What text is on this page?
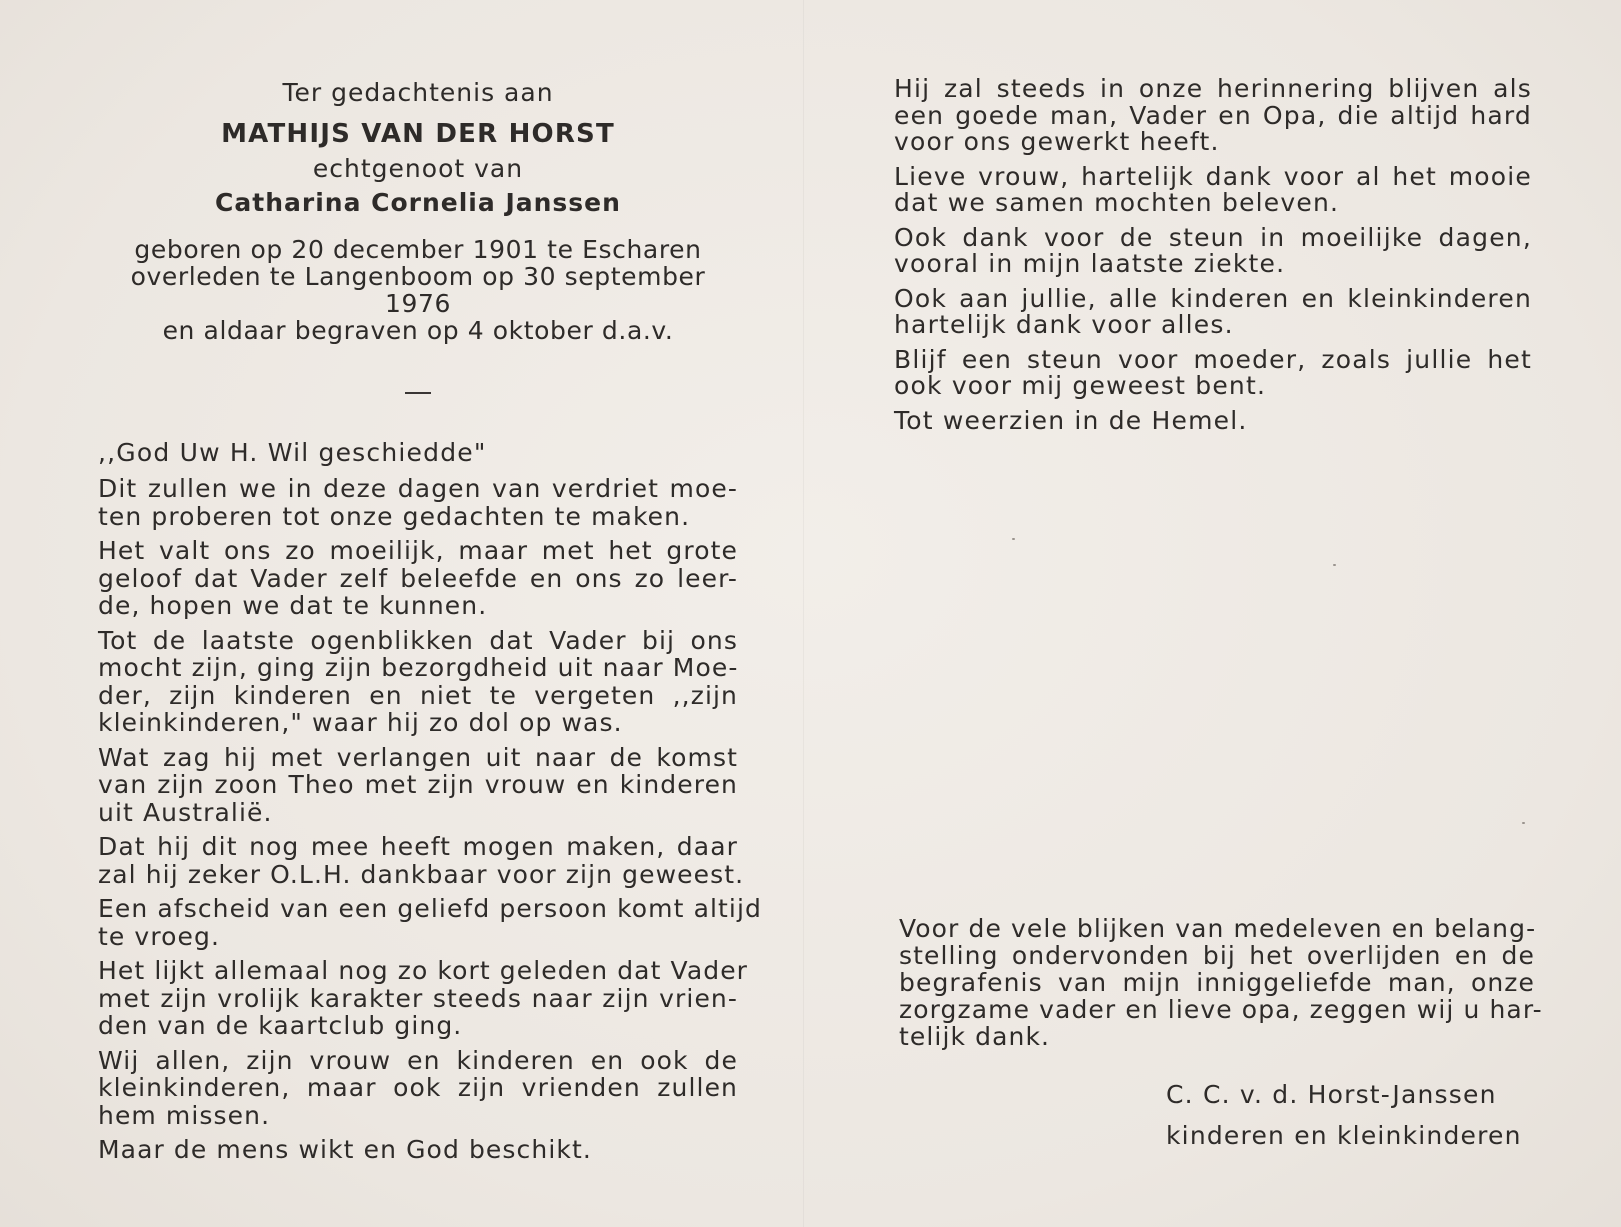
Ter gedachtenis aan
MATHIJS VAN DER HORST
echtgenoot van
Catharina Cornelia Janssen
geboren op 20 december 1901 te Escharen
overleden te Langenboom op 30 september 1976
en aldaar begraven op 4 oktober d.a.v.
,,God Uw H. Wil geschiedde"
Dit zullen we in deze dagen van verdriet moe-
ten proberen tot onze gedachten te maken.
Het valt ons zo moeilijk, maar met het grote
geloof dat Vader zelf beleefde en ons zo leer-
de, hopen we dat te kunnen.
Tot de laatste ogenblikken dat Vader bij ons
mocht zijn, ging zijn bezorgdheid uit naar Moe-
der, zijn kinderen en niet te vergeten ,,zijn
kleinkinderen," waar hij zo dol op was.
Wat zag hij met verlangen uit naar de komst
van zijn zoon Theo met zijn vrouw en kinderen
uit Australië.
Dat hij dit nog mee heeft mogen maken, daar
zal hij zeker O.L.H. dankbaar voor zijn geweest.
Een afscheid van een geliefd persoon komt altijd
te vroeg.
Het lijkt allemaal nog zo kort geleden dat Vader
met zijn vrolijk karakter steeds naar zijn vrien-
den van de kaartclub ging.
Wij allen, zijn vrouw en kinderen en ook de
kleinkinderen, maar ook zijn vrienden zullen
hem missen.
Maar de mens wikt en God beschikt.
Hij zal steeds in onze herinnering blijven als
een goede man, Vader en Opa, die altijd hard
voor ons gewerkt heeft.
Lieve vrouw, hartelijk dank voor al het mooie
dat we samen mochten beleven.
Ook dank voor de steun in moeilijke dagen,
vooral in mijn laatste ziekte.
Ook aan jullie, alle kinderen en kleinkinderen
hartelijk dank voor alles.
Blijf een steun voor moeder, zoals jullie het
ook voor mij geweest bent.
Tot weerzien in de Hemel.
Voor de vele blijken van medeleven en belang-
stelling ondervonden bij het overlijden en de
begrafenis van mijn inniggeliefde man, onze
zorgzame vader en lieve opa, zeggen wij u har-
telijk dank.
C. C. v. d. Horst-Janssen
kinderen en kleinkinderen
